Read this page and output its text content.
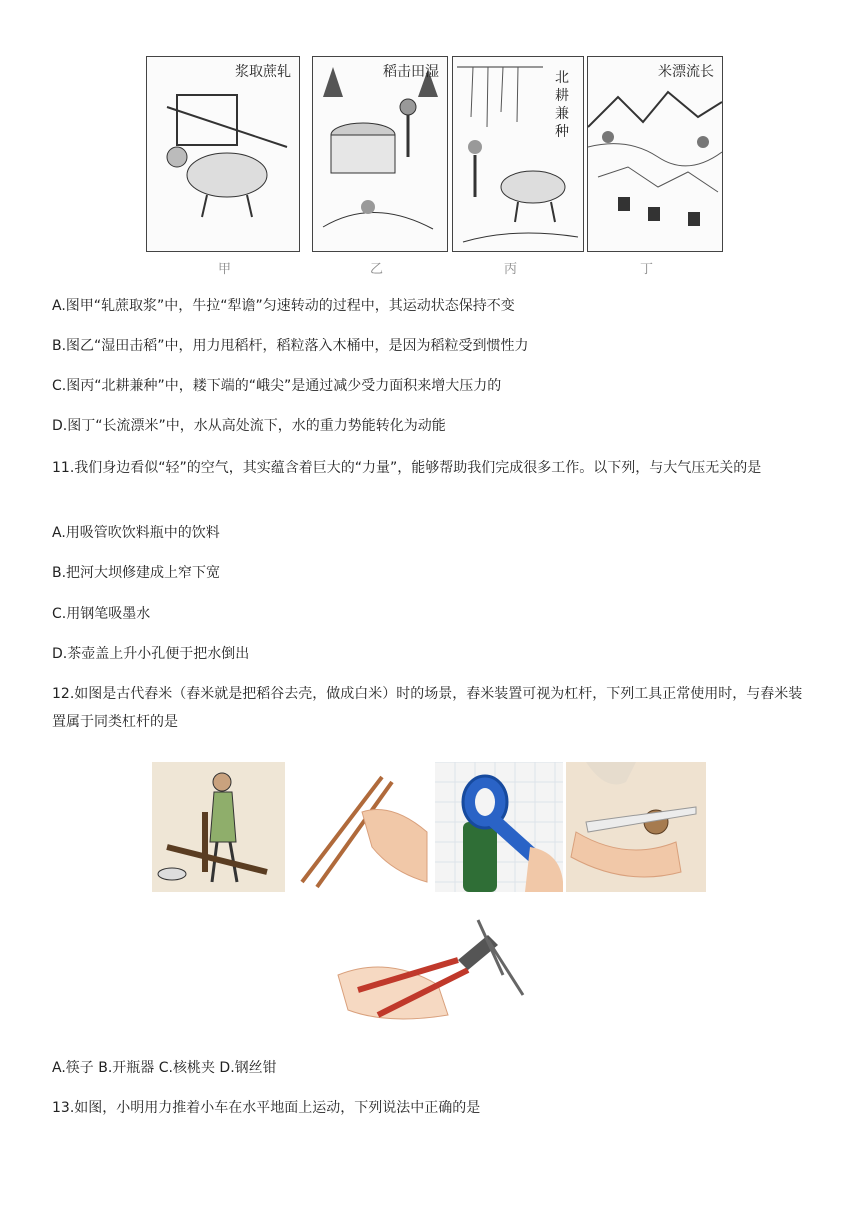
浆取蔗轧	稻击田湿	北耕兼种
米漂流长
甲	乙	丙	丁
A.图甲“轧蔗取浆”中，牛拉“犁谵”匀速转动的过程中，其运动状态保持不变
B.图乙“湿田击稻”中，用力甩稻杆，稻粒落入木桶中，是因为稻粒受到惯性力
C.图丙“北耕兼种”中，耧下端的“峨尖”是通过减少受力面积来增大压力的
D.图丁“长流漂米”中，水从高处流下，水的重力势能转化为动能
11.我们身边看似“轻”的空气，其实蕴含着巨大的“力量”，能够帮助我们完成很多工作。以下列，与大气压无关的是
A.用吸管吹饮料瓶中的饮料
B.把河大坝修建成上窄下宽
C.用钢笔吸墨水
D.茶壶盖上升小孔便于把水倒出
12.如图是古代舂米（舂米就是把稻谷去壳，做成白米）时的场景，舂米装置可视为杠杆，下列工具正常使用时，与舂米装置属于同类杠杆的是
A.筷子 B.开瓶器 C.核桃夹 D.钢丝钳
13.如图，小明用力推着小车在水平地面上运动，下列说法中正确的是
